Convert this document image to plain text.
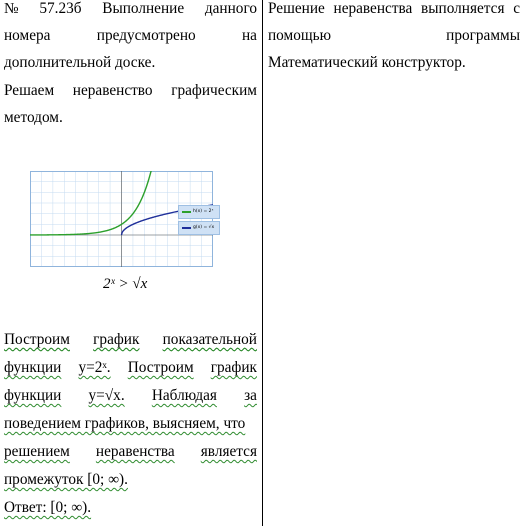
№ 57.23б Выполнение данного
номера	предусмотрено	на
дополнительной доске.
Решаем неравенство графическим
методом.
Построим график показательной
функции y=2ˣ. Построим график
функции y=√x. Наблюдая за
поведением графиков, выясняем, что
решением неравенства является
промежуток [0; ∞).
Ответ: [0; ∞).
h(x) = 2ˣ
g(x) = √x
2ˣ > √x
Решение неравенства выполняется с
помощью	программы
Математический конструктор.
